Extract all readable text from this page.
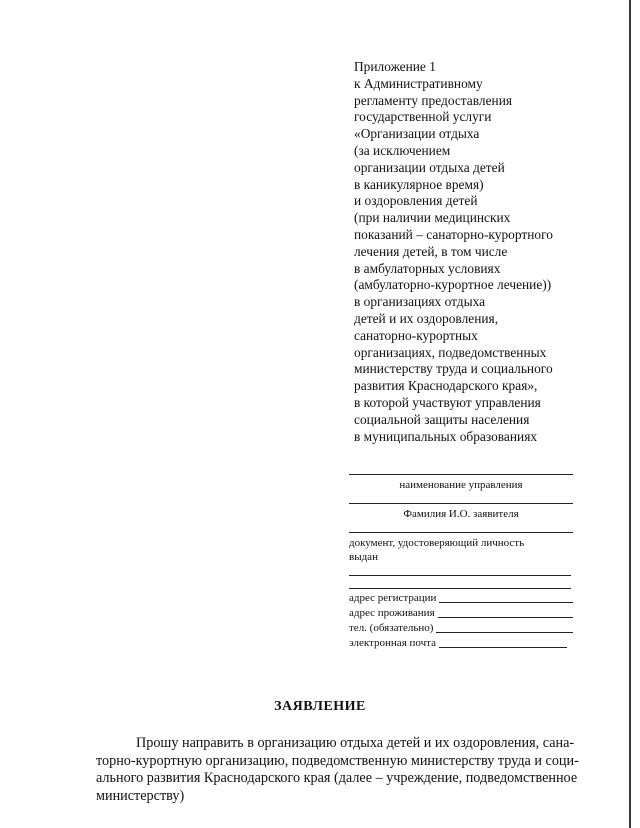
Приложение 1
к Административному
регламенту предоставления
государственной услуги
«Организации отдыха
(за исключением
организации отдыха детей
в каникулярное время)
и оздоровления детей
(при наличии медицинских
показаний – санаторно-курортного
лечения детей, в том числе
в амбулаторных условиях
(амбулаторно-курортное лечение))
в организациях отдыха
детей и их оздоровления,
санаторно-курортных
организациях, подведомственных
министерству труда и социального
развития Краснодарского края»,
в которой участвуют управления
социальной защиты населения
в муниципальных образованиях
наименование управления
Фамилия И.О. заявителя
документ, удостоверяющий личность
выдан
адрес регистрации
адрес проживания
тел. (обязательно)
электронная почта
ЗАЯВЛЕНИЕ
Прошу направить в организацию отдыха детей и их оздоровления, сана-
торно-курортную организацию, подведомственную министерству труда и соци-
ального развития Краснодарского края (далее – учреждение, подведомственное
министерству)
